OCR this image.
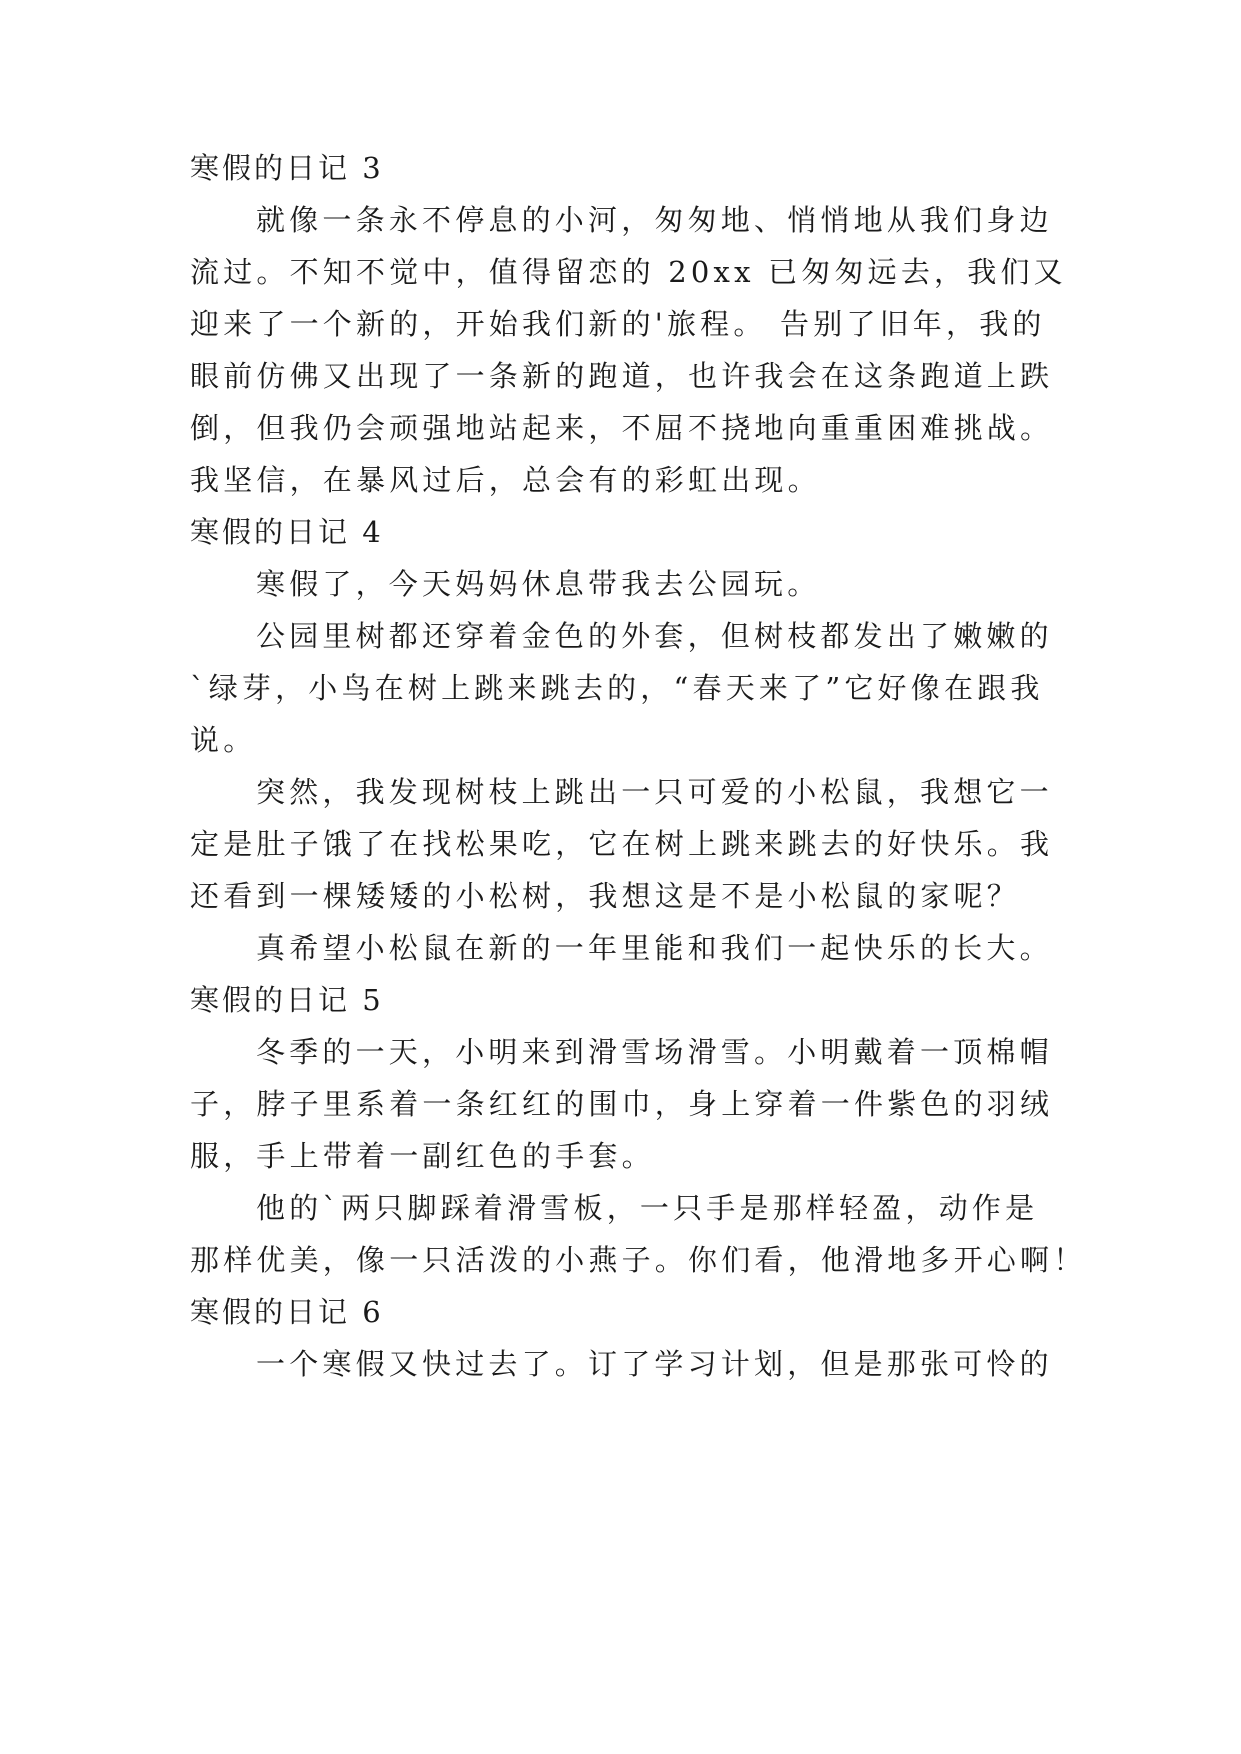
寒假的日记 3
就像一条永不停息的小河，匆匆地、悄悄地从我们身边
流过。不知不觉中，值得留恋的 20xx 已匆匆远去，我们又
迎来了一个新的，开始我们新的'旅程。 告别了旧年，我的
眼前仿佛又出现了一条新的跑道，也许我会在这条跑道上跌
倒，但我仍会顽强地站起来，不屈不挠地向重重困难挑战。
我坚信，在暴风过后，总会有的彩虹出现。
寒假的日记 4
寒假了，今天妈妈休息带我去公园玩。
公园里树都还穿着金色的外套，但树枝都发出了嫩嫩的
`绿芽，小鸟在树上跳来跳去的，“春天来了”它好像在跟我
说。
突然，我发现树枝上跳出一只可爱的小松鼠，我想它一
定是肚子饿了在找松果吃，它在树上跳来跳去的好快乐。我
还看到一棵矮矮的小松树，我想这是不是小松鼠的家呢？
真希望小松鼠在新的一年里能和我们一起快乐的长大。
寒假的日记 5
冬季的一天，小明来到滑雪场滑雪。小明戴着一顶棉帽
子，脖子里系着一条红红的围巾，身上穿着一件紫色的羽绒
服，手上带着一副红色的手套。
他的`两只脚踩着滑雪板，一只手是那样轻盈，动作是
那样优美，像一只活泼的小燕子。你们看，他滑地多开心啊！
寒假的日记 6
一个寒假又快过去了。订了学习计划，但是那张可怜的
